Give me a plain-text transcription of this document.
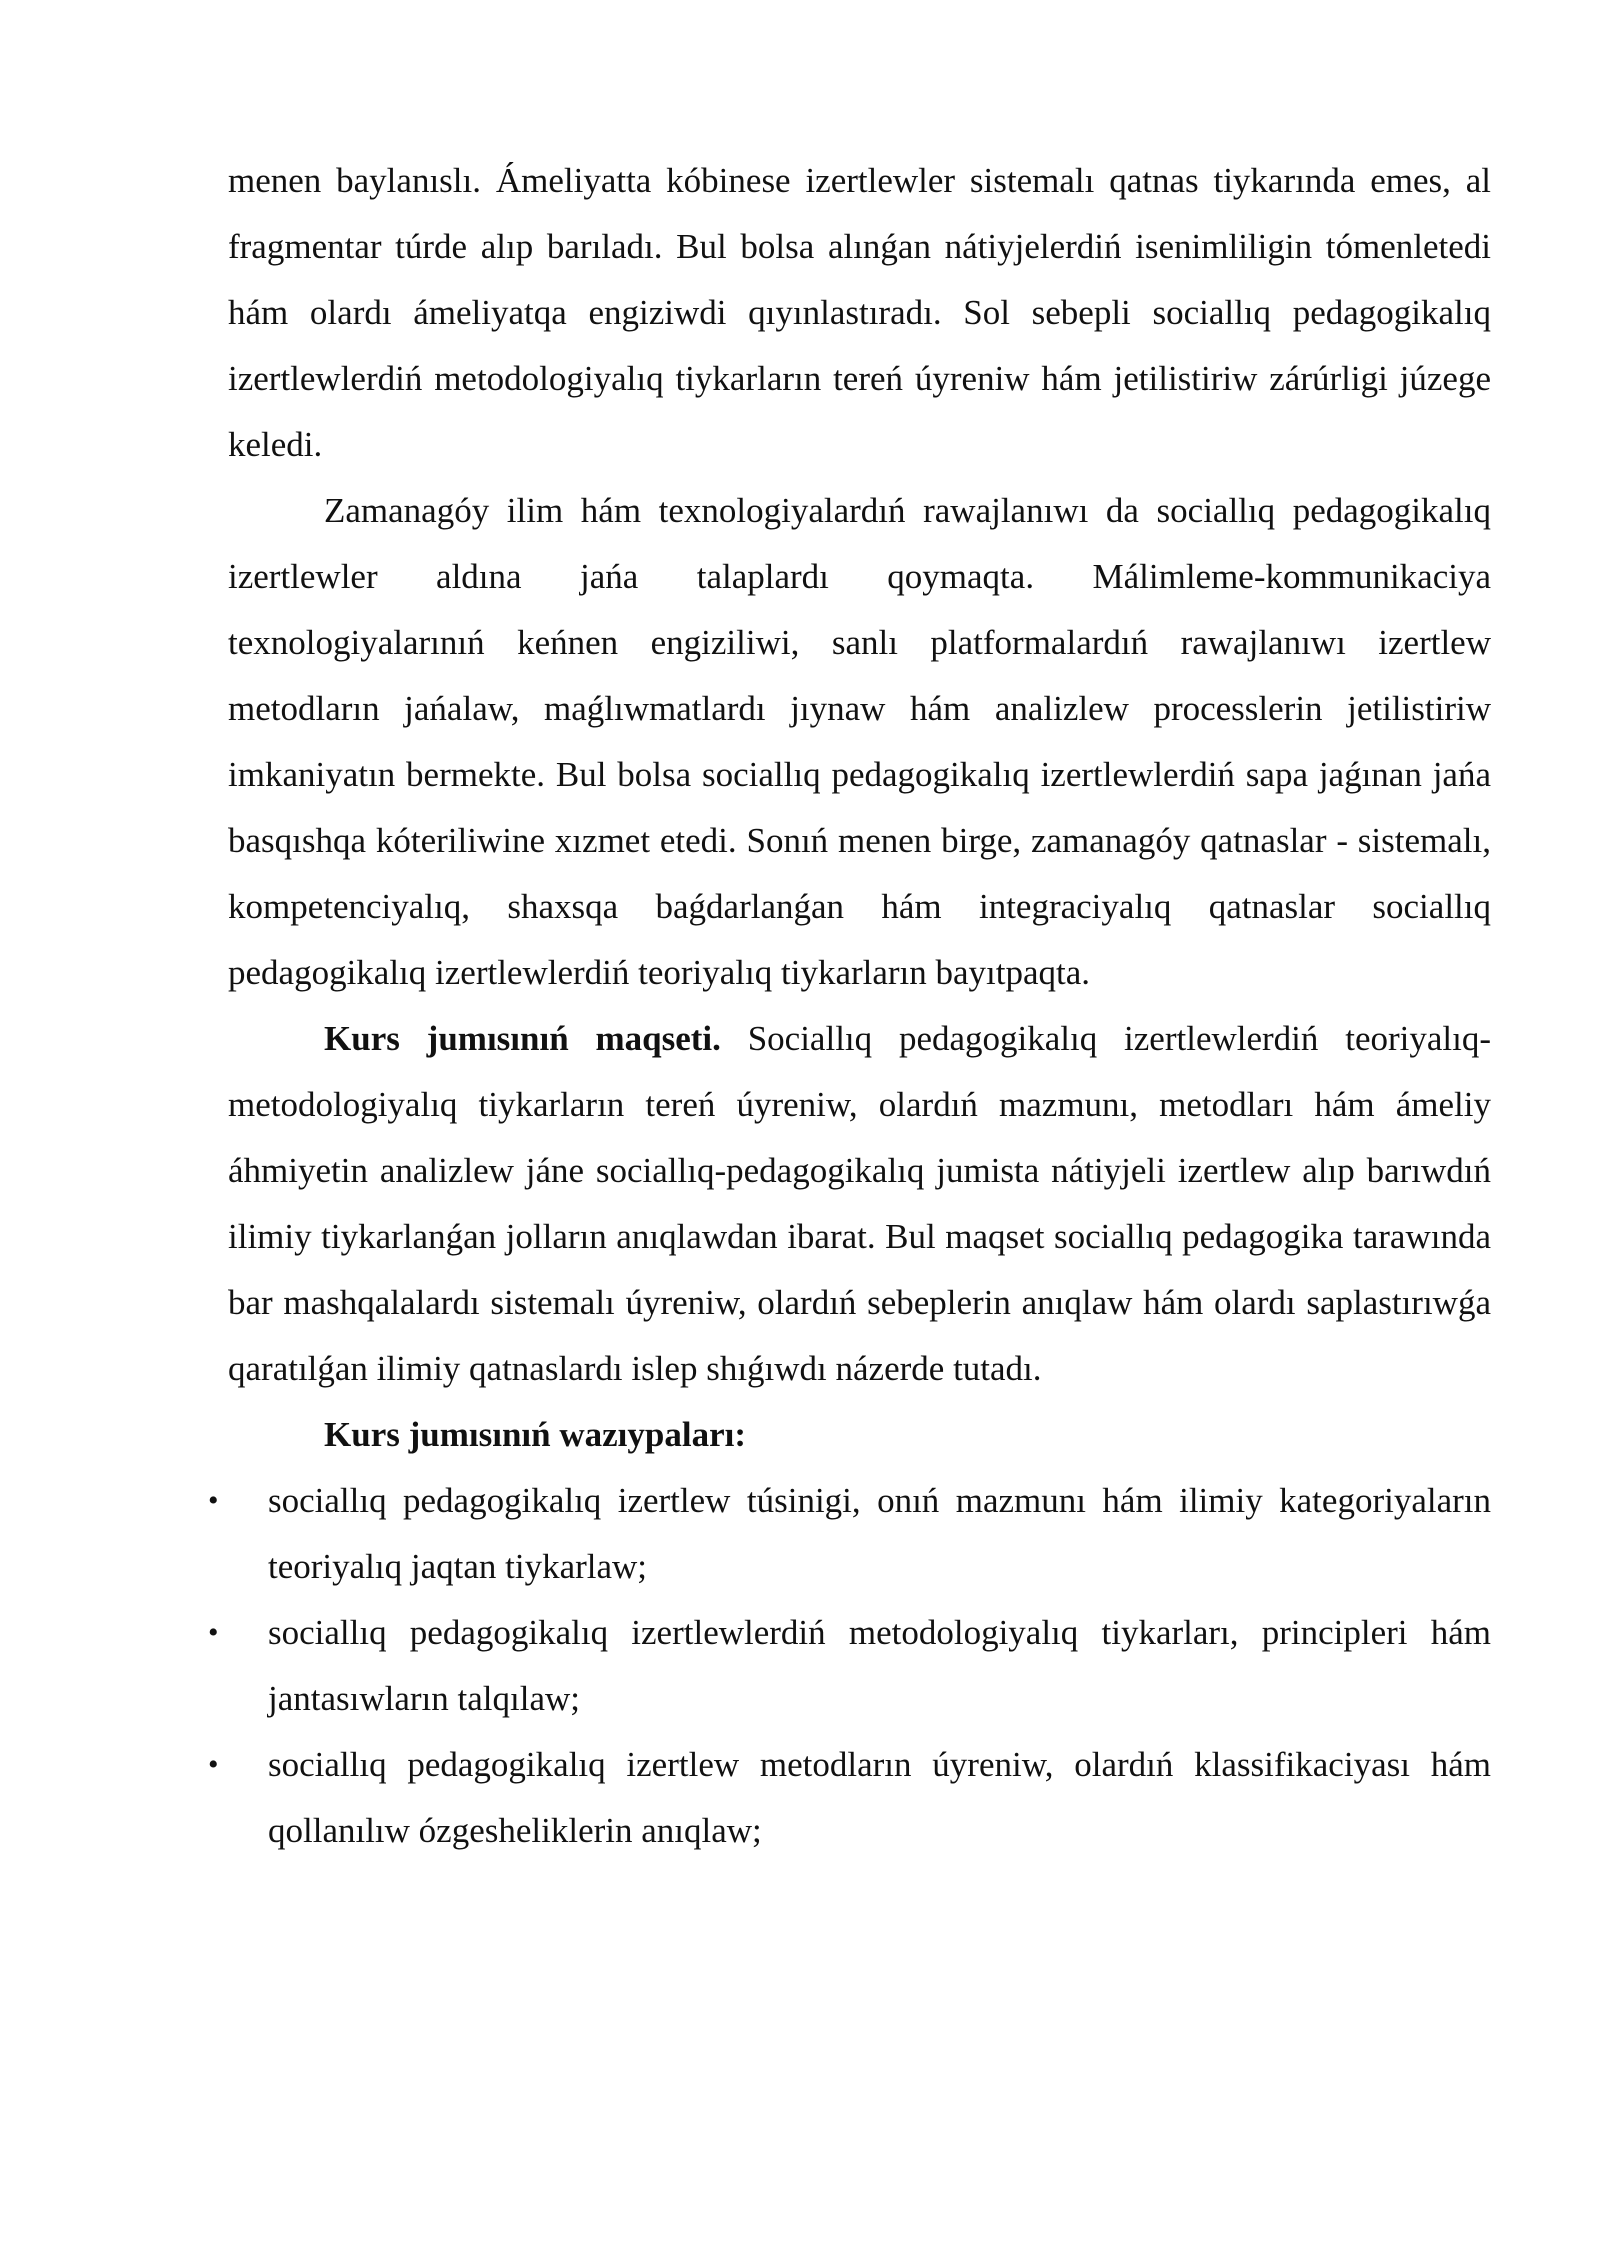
menen baylanıslı. Ámeliyatta kóbinese izertlewler sistemalı qatnas tiykarında emes, al fragmentar túrde alıp barıladı. Bul bolsa alınǵan nátiyjelerdiń isenimliligin tómenletedi hám olardı ámeliyatqa engiziwdi qıyınlastıradı. Sol sebepli sociallıq pedagogikalıq izertlewlerdiń metodologiyalıq tiykarların tereń úyreniw hám jetilistiriw zárúrligi júzege keledi.

Zamanagóy ilim hám texnologiyalardıń rawajlanıwı da sociallıq pedagogikalıq izertlewler aldına jańa talaplardı qoymaqta. Málimleme-kommunikaciya texnologiyalarınıń keńnen engiziliwi, sanlı platformalardıń rawajlanıwı izertlew metodların jańalaw, maǵlıwmatlardı jıynaw hám analizlew processlerin jetilistiriw imkaniyatın bermekte. Bul bolsa sociallıq pedagogikalıq izertlewlerdiń sapa jaǵınan jańa basqıshqa kóteriliwine xızmet etedi. Sonıń menen birge, zamanagóy qatnaslar - sistemalı, kompetenciyalıq, shaxsqa baǵdarlanǵan hám integraciyalıq qatnaslar sociallıq pedagogikalıq izertlewlerdiń teoriyalıq tiykarların bayıtpaqta.

Kurs jumısınıń maqseti. Sociallıq pedagogikalıq izertlewlerdiń teoriyalıq-metodologiyalıq tiykarların tereń úyreniw, olardıń mazmunı, metodları hám ámeliy áhmiyetin analizlew jáne sociallıq-pedagogikalıq jumista nátiyjeli izertlew alıp barıwdıń ilimiy tiykarlanǵan jolların anıqlawdan ibarat. Bul maqset sociallıq pedagogika tarawında bar mashqalalardı sistemalı úyreniw, olardıń sebeplerin anıqlaw hám olardı saplastırıwǵa qaratılǵan ilimiy qatnaslardı islep shıǵıwdı názerde tutadı.

Kurs jumısınıń wazıypaları:

• sociallıq pedagogikalıq izertlew túsinigi, onıń mazmunı hám ilimiy kategoriyaların teoriyalıq jaqtan tiykarlaw;
• sociallıq pedagogikalıq izertlewlerdiń metodologiyalıq tiykarları, principleri hám jantasıwların talqılaw;
• sociallıq pedagogikalıq izertlew metodların úyreniw, olardıń klassifikaciyası hám qollanılıw ózgesheliklerin anıqlaw;
